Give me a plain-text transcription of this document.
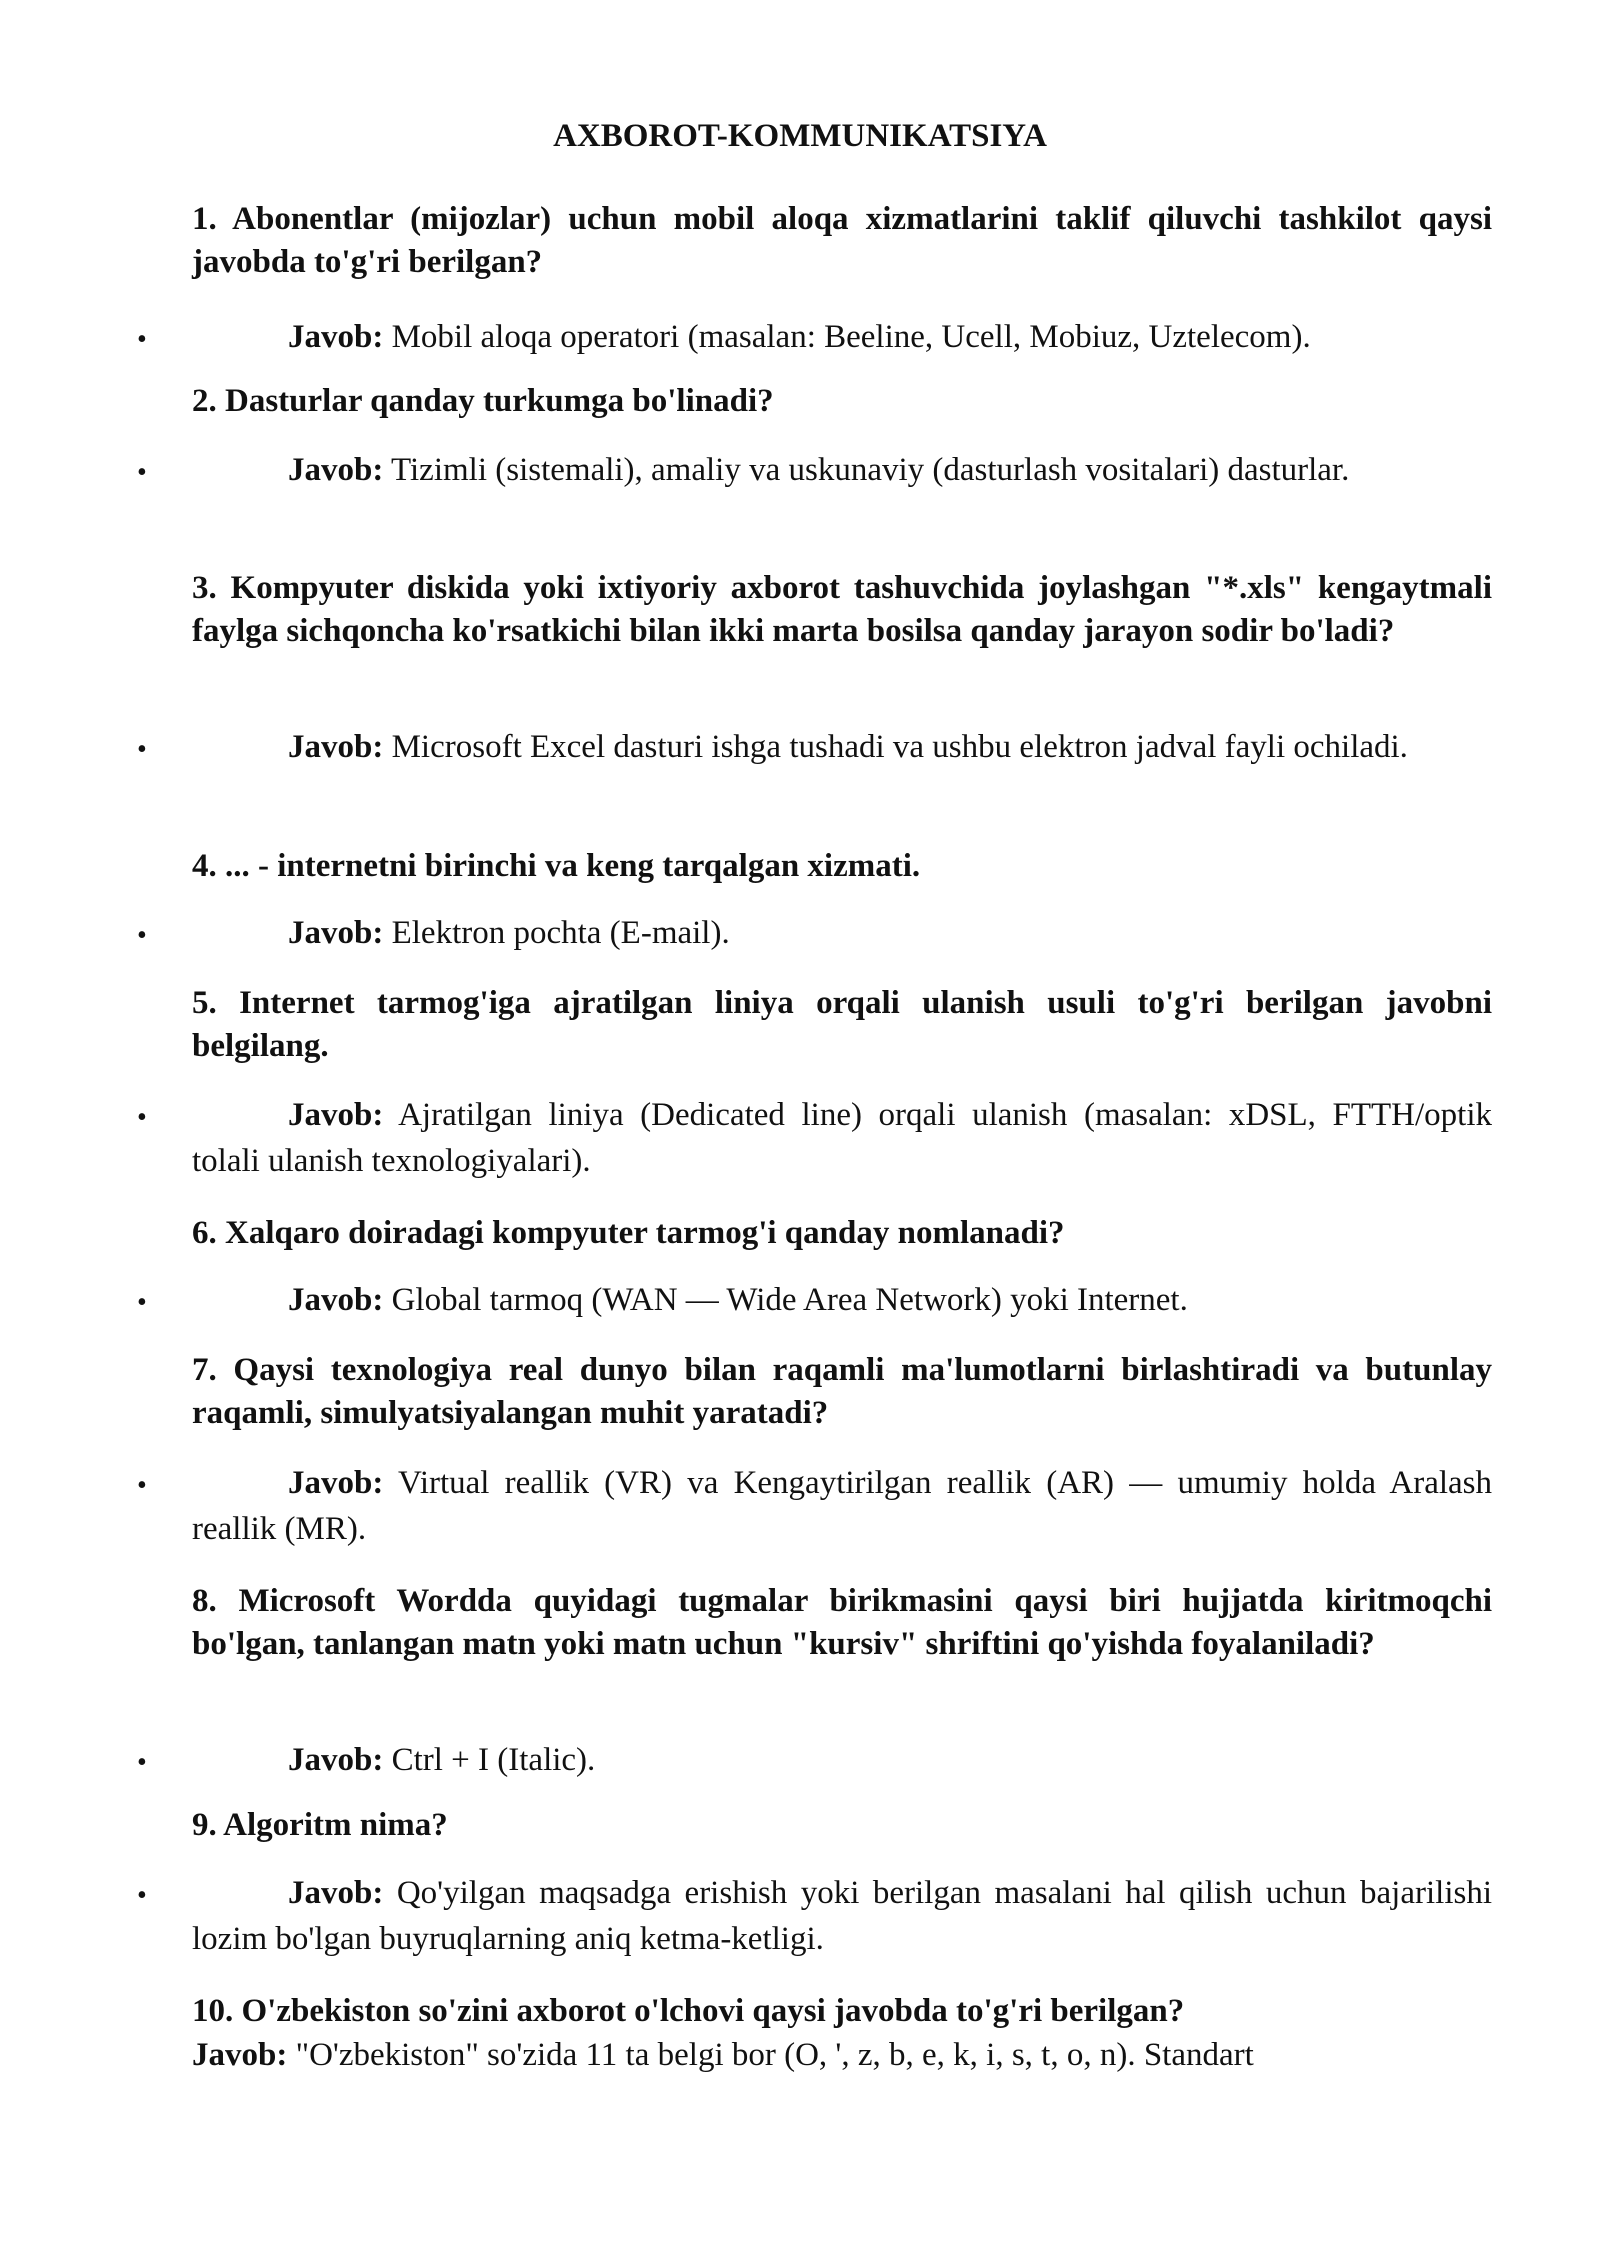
AXBOROT-KOMMUNIKATSIYA
1. Abonentlar (mijozlar) uchun mobil aloqa xizmatlarini taklif qiluvchi tashkilot qaysi javobda to'g'ri berilgan?
•	Javob: Mobil aloqa operatori (masalan: Beeline, Ucell, Mobiuz, Uztelecom).
2. Dasturlar qanday turkumga bo'linadi?
•	Javob: Tizimli (sistemali), amaliy va uskunaviy (dasturlash vositalari) dasturlar.
3. Kompyuter diskida yoki ixtiyoriy axborot tashuvchida joylashgan "*.xls" kengaytmali faylga sichqoncha ko'rsatkichi bilan ikki marta bosilsa qanday jarayon sodir bo'ladi?
•	Javob: Microsoft Excel dasturi ishga tushadi va ushbu elektron jadval fayli ochiladi.
4. ... - internetni birinchi va keng tarqalgan xizmati.
•	Javob: Elektron pochta (E-mail).
5. Internet tarmog'iga ajratilgan liniya orqali ulanish usuli to'g'ri berilgan javobni belgilang.
•	Javob: Ajratilgan liniya (Dedicated line) orqali ulanish (masalan: xDSL, FTTH/optik tolali ulanish texnologiyalari).
6. Xalqaro doiradagi kompyuter tarmog'i qanday nomlanadi?
•	Javob: Global tarmoq (WAN — Wide Area Network) yoki Internet.
7. Qaysi texnologiya real dunyo bilan raqamli ma'lumotlarni birlashtiradi va butunlay raqamli, simulyatsiyalangan muhit yaratadi?
•	Javob: Virtual reallik (VR) va Kengaytirilgan reallik (AR) — umumiy holda Aralash reallik (MR).
8. Microsoft Wordda quyidagi tugmalar birikmasini qaysi biri hujjatda kiritmoqchi bo'lgan, tanlangan matn yoki matn uchun "kursiv" shriftini qo'yishda foyalaniladi?
•	Javob: Ctrl + I (Italic).
9. Algoritm nima?
•	Javob: Qo'yilgan maqsadga erishish yoki berilgan masalani hal qilish uchun bajarilishi lozim bo'lgan buyruqlarning aniq ketma-ketligi.
10. O'zbekiston so'zini axborot o'lchovi qaysi javobda to'g'ri berilgan?
Javob: "O'zbekiston" so'zida 11 ta belgi bor (O, ', z, b, e, k, i, s, t, o, n). Standart
